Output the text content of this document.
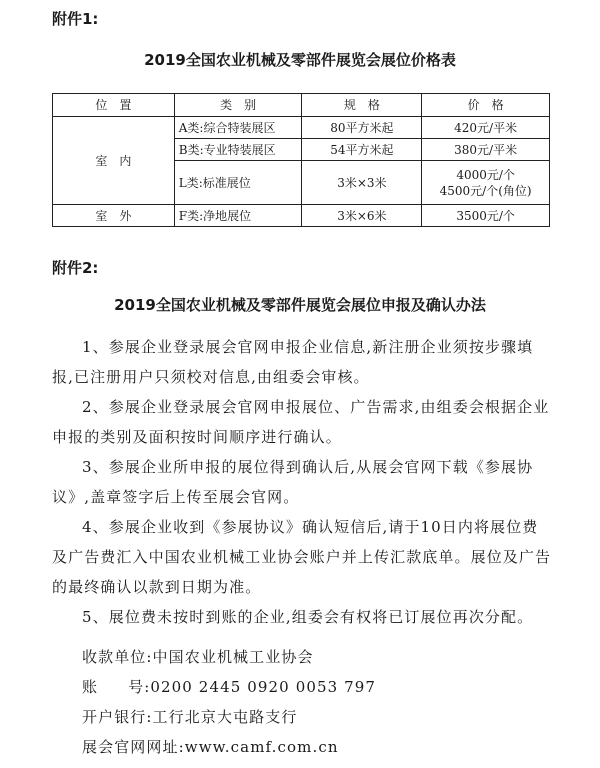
附件1:
2019全国农业机械及零部件展览会展位价格表
位　置	类　别	规　格	价　格
室　内	A类:综合特装展区	80平方米起	420元/平米
	B类:专业特装展区	54平方米起	380元/平米
	L类:标准展位	3米×3米	4000元/个
4500元/个(角位)

室　外	F类:净地展位	3米×6米	3500元/个
附件2:
2019全国农业机械及零部件展览会展位申报及确认办法

1、参展企业登录展会官网申报企业信息,新注册企业须按步骤填报,已注册用户只须校对信息,由组委会审核。

2、参展企业登录展会官网申报展位、广告需求,由组委会根据企业申报的类别及面积按时间顺序进行确认。

3、参展企业所申报的展位得到确认后,从展会官网下载《参展协议》,盖章签字后上传至展会官网。

4、参展企业收到《参展协议》确认短信后,请于10日内将展位费及广告费汇入中国农业机械工业协会账户并上传汇款底单。展位及广告的最终确认以款到日期为准。

5、展位费未按时到账的企业,组委会有权将已订展位再次分配。

收款单位:中国农业机械工业协会
账 号:0200 2445 0920 0053 797
开户银行:工行北京大屯路支行
展会官网网址:www.camf.com.cn
